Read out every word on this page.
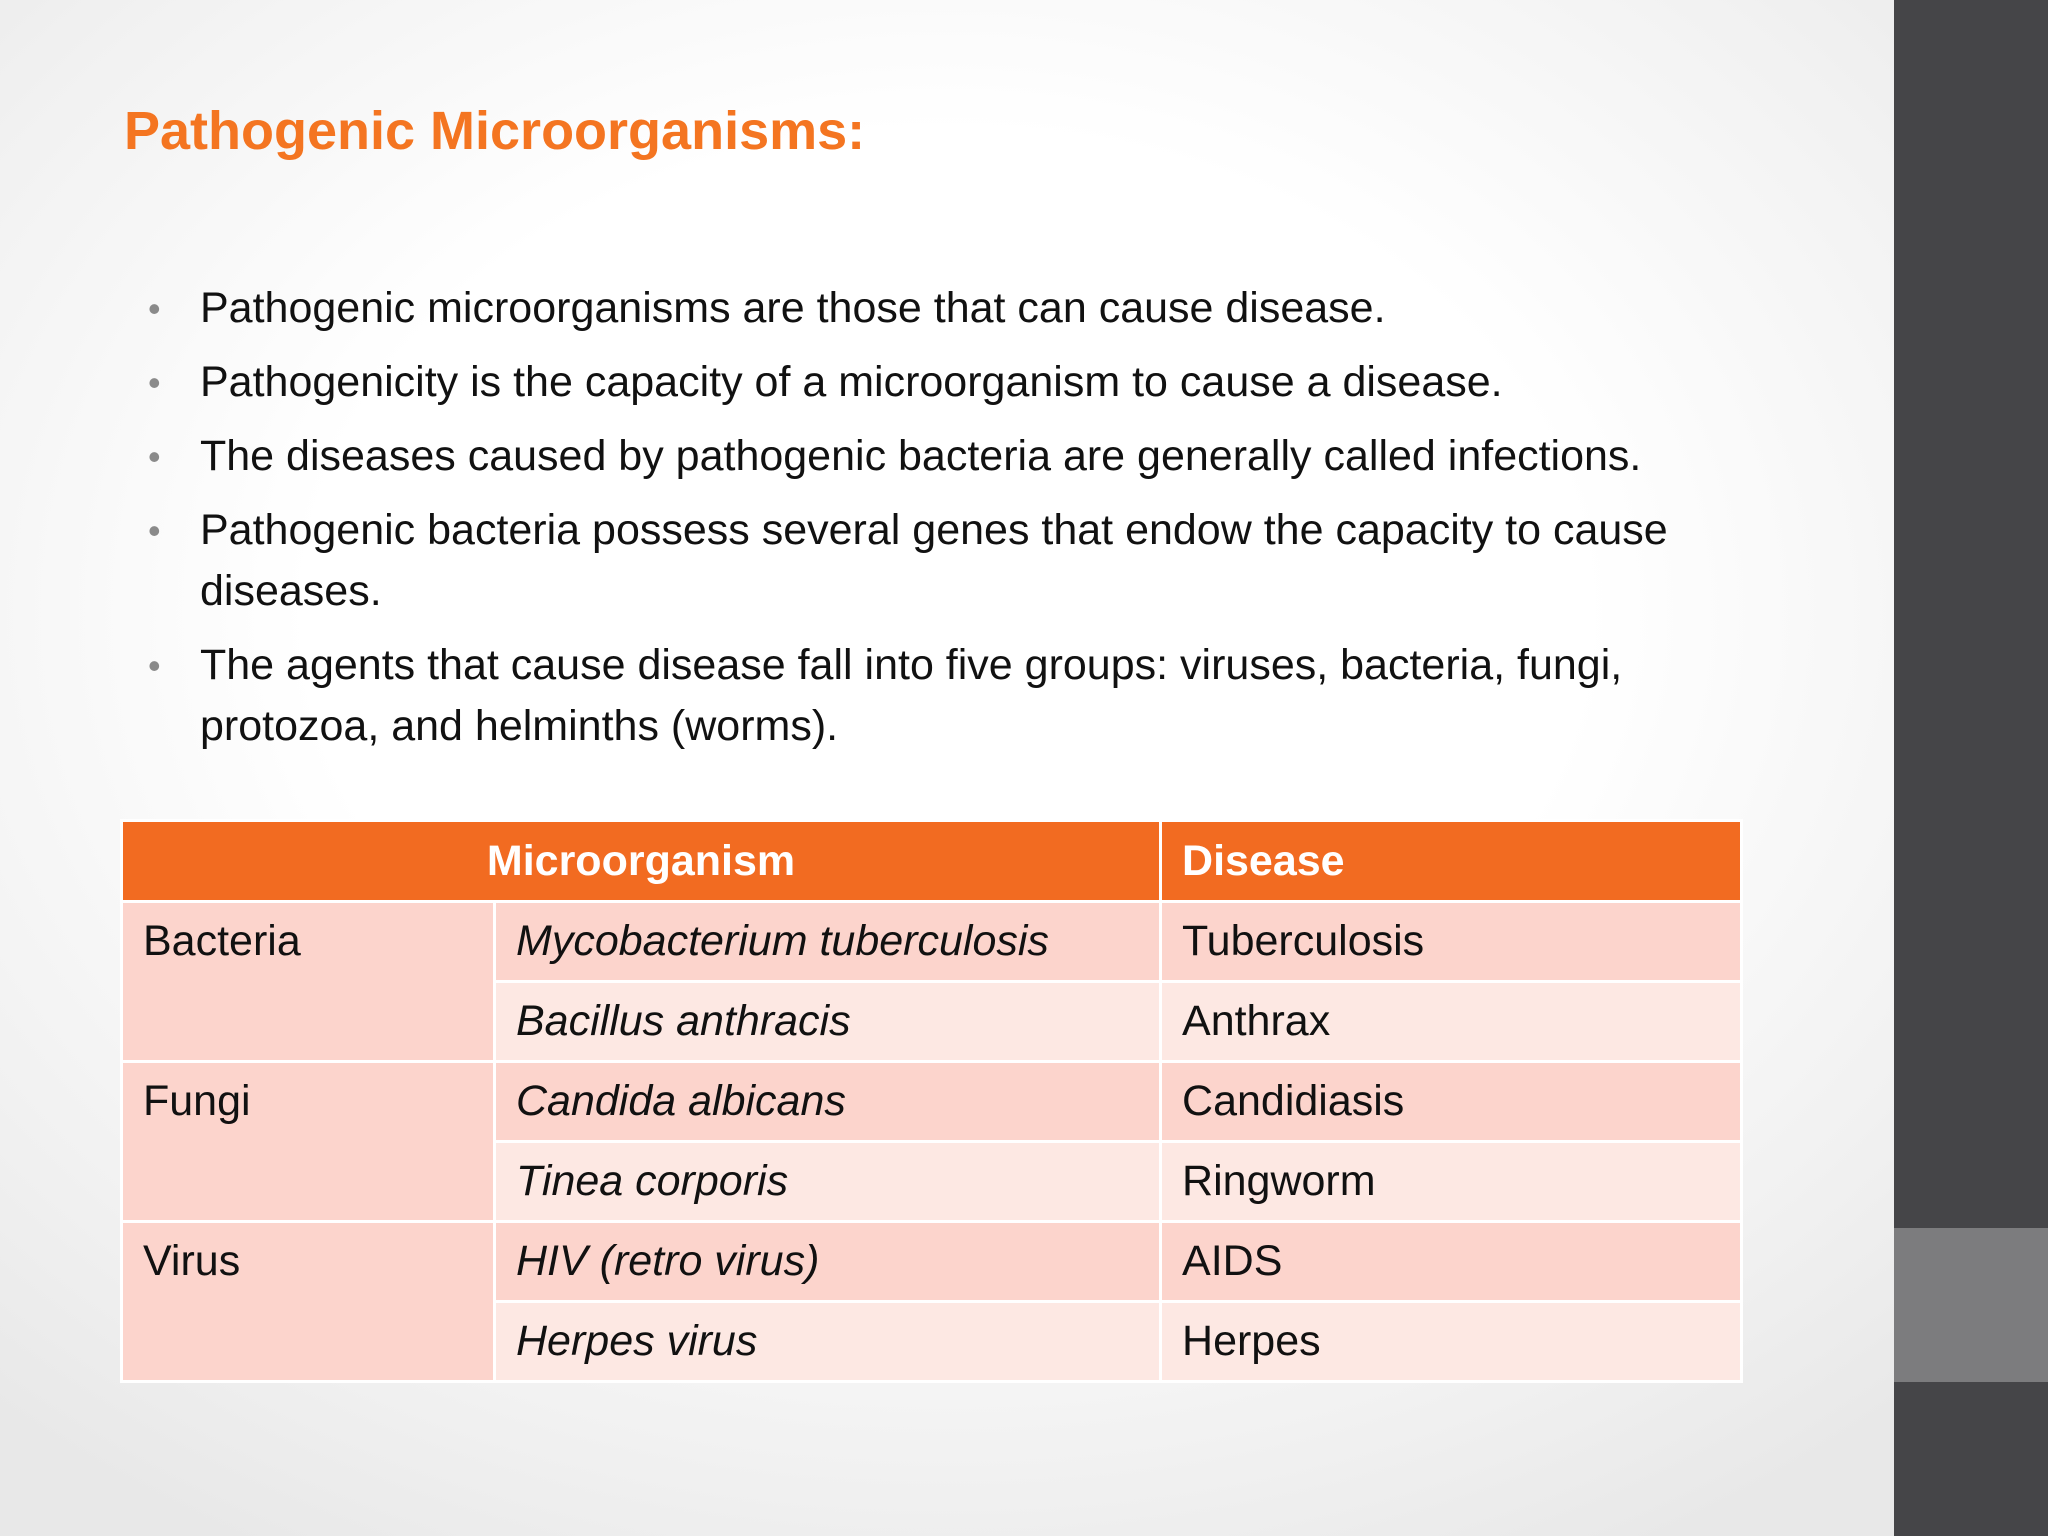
Pathogenic Microorganisms:
• Pathogenic microorganisms are those that can cause disease.
• Pathogenicity is the capacity of a microorganism to cause a disease.
• The diseases caused by pathogenic bacteria are generally called infections.
• Pathogenic bacteria possess several genes that endow the capacity to cause diseases.
• The agents that cause disease fall into five groups: viruses, bacteria, fungi, protozoa, and helminths (worms).
Microorganism		Disease
Bacteria	Mycobacterium tuberculosis	Tuberculosis
	Bacillus anthracis	Anthrax
Fungi	Candida albicans	Candidiasis
	Tinea corporis	Ringworm
Virus	HIV (retro virus)	AIDS
	Herpes virus	Herpes
